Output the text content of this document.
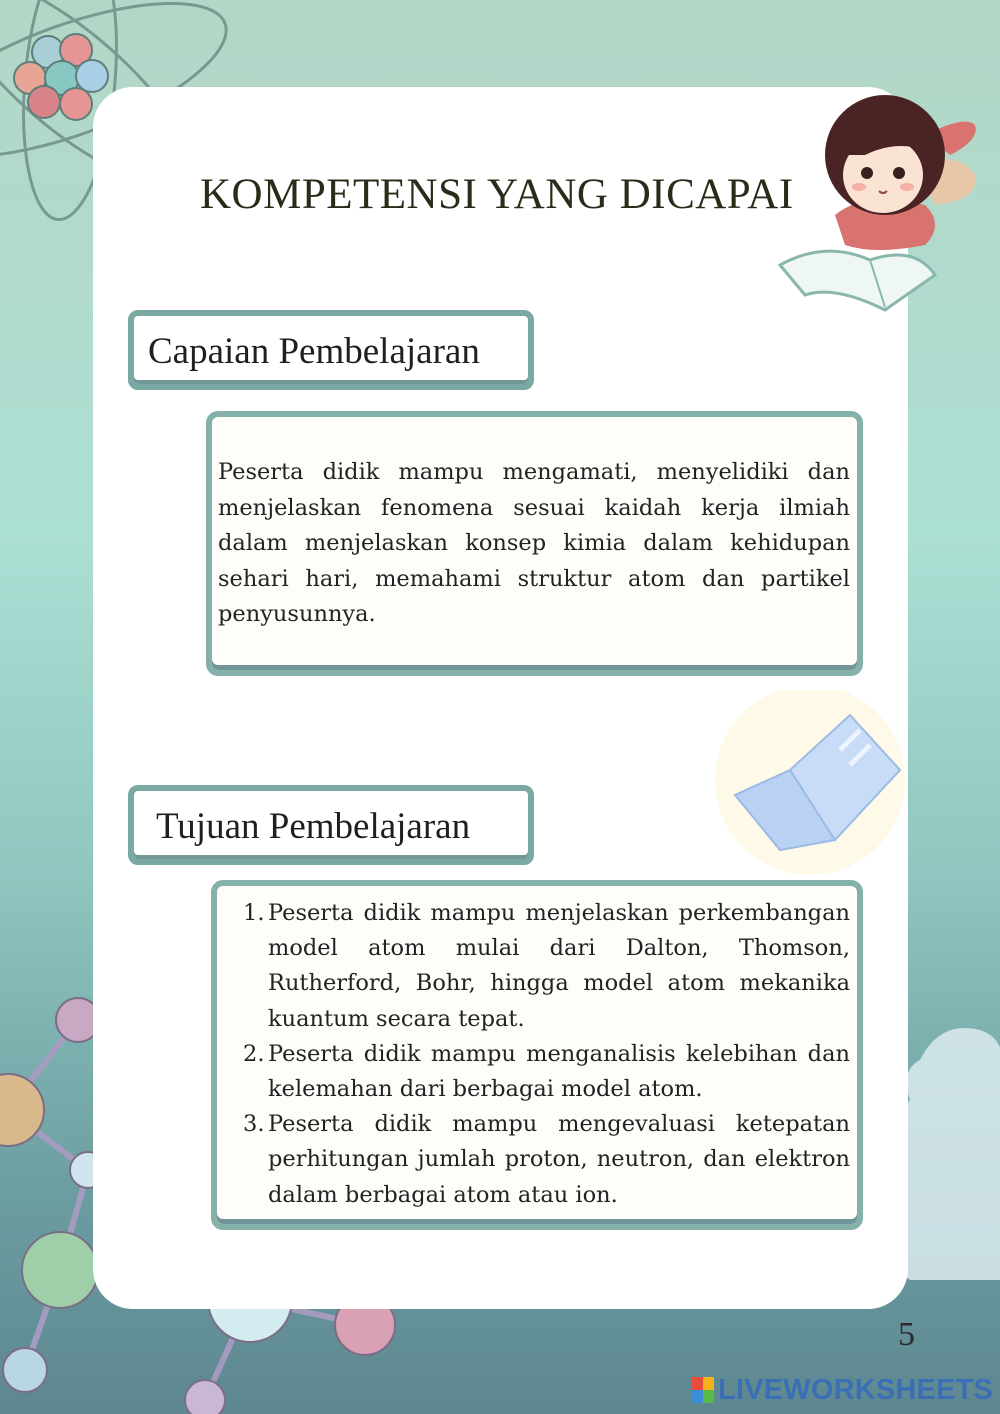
KOMPETENSI YANG DICAPAI
Capaian Pembelajaran
Peserta didik mampu mengamati, menyelidiki dan menjelaskan fenomena sesuai kaidah kerja ilmiah dalam menjelaskan konsep kimia dalam kehidupan sehari hari, memahami struktur atom dan partikel penyusunnya.
Tujuan Pembelajaran
1. Peserta didik mampu menjelaskan perkembangan model atom mulai dari Dalton, Thomson, Rutherford, Bohr, hingga model atom mekanika kuantum secara tepat.
2. Peserta didik mampu menganalisis kelebihan dan kelemahan dari berbagai model atom.
3. Peserta didik mampu mengevaluasi ketepatan perhitungan jumlah proton, neutron, dan elektron dalam berbagai atom atau ion.
5
LIVEWORKSHEETS
